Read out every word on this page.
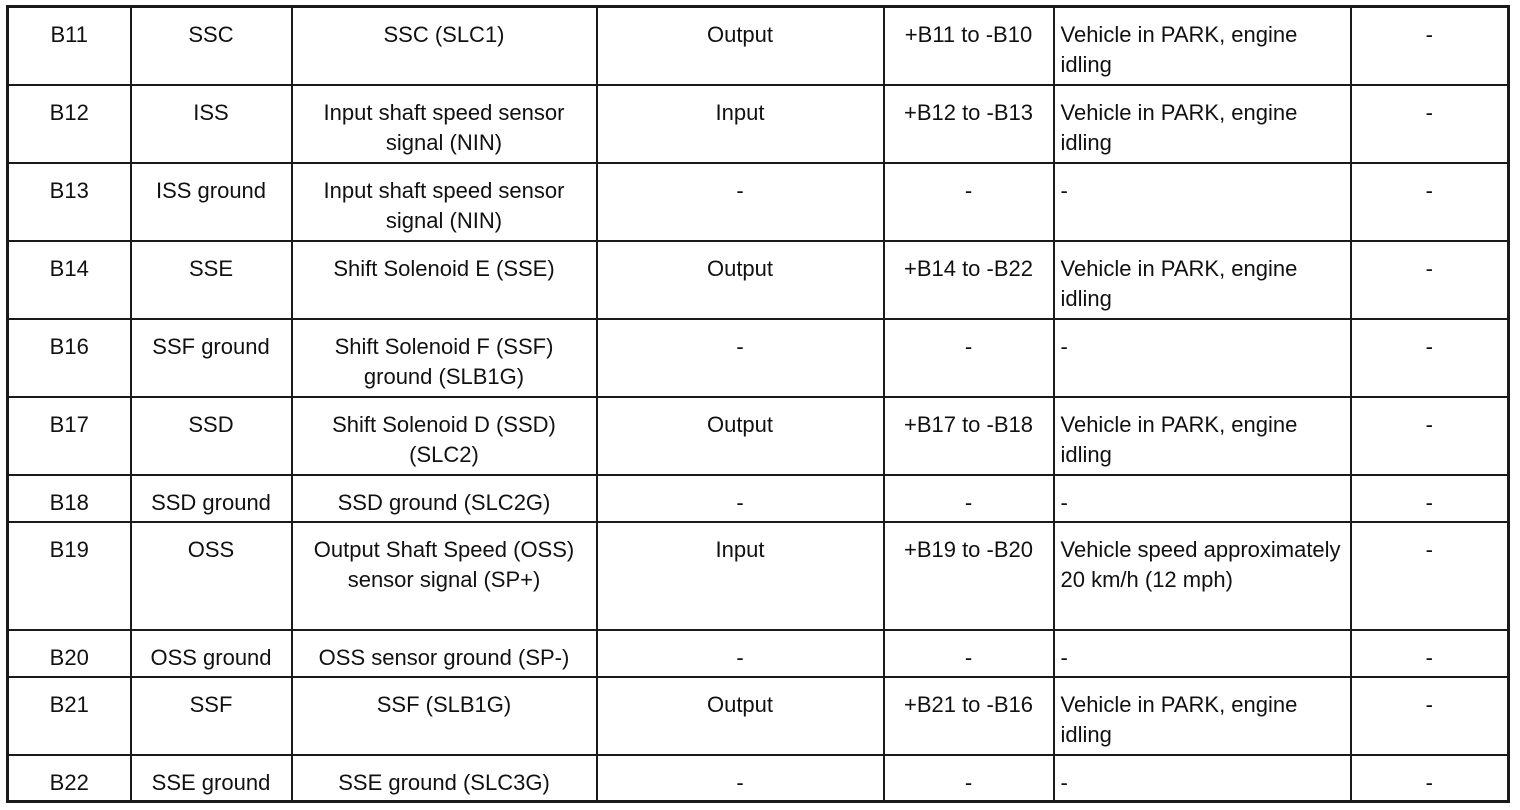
B11	SSC	SSC (SLC1)	Output	+B11 to -B10	Vehicle in PARK, engine idling	-
B12	ISS	Input shaft speed sensor signal (NIN)	Input	+B12 to -B13	Vehicle in PARK, engine idling	-
B13	ISS ground	Input shaft speed sensor signal (NIN)	-	-	-	-
B14	SSE	Shift Solenoid E (SSE)	Output	+B14 to -B22	Vehicle in PARK, engine idling	-
B16	SSF ground	Shift Solenoid F (SSF) ground (SLB1G)	-	-	-	-
B17	SSD	Shift Solenoid D (SSD) (SLC2)	Output	+B17 to -B18	Vehicle in PARK, engine idling	-
B18	SSD ground	SSD ground (SLC2G)	-	-	-	-
B19	OSS	Output Shaft Speed (OSS) sensor signal (SP+)	Input	+B19 to -B20	Vehicle speed approximately 20 km/h (12 mph)	-
B20	OSS ground	OSS sensor ground (SP-)	-	-	-	-
B21	SSF	SSF (SLB1G)	Output	+B21 to -B16	Vehicle in PARK, engine idling	-
B22	SSE ground	SSE ground (SLC3G)	-	-	-	-
